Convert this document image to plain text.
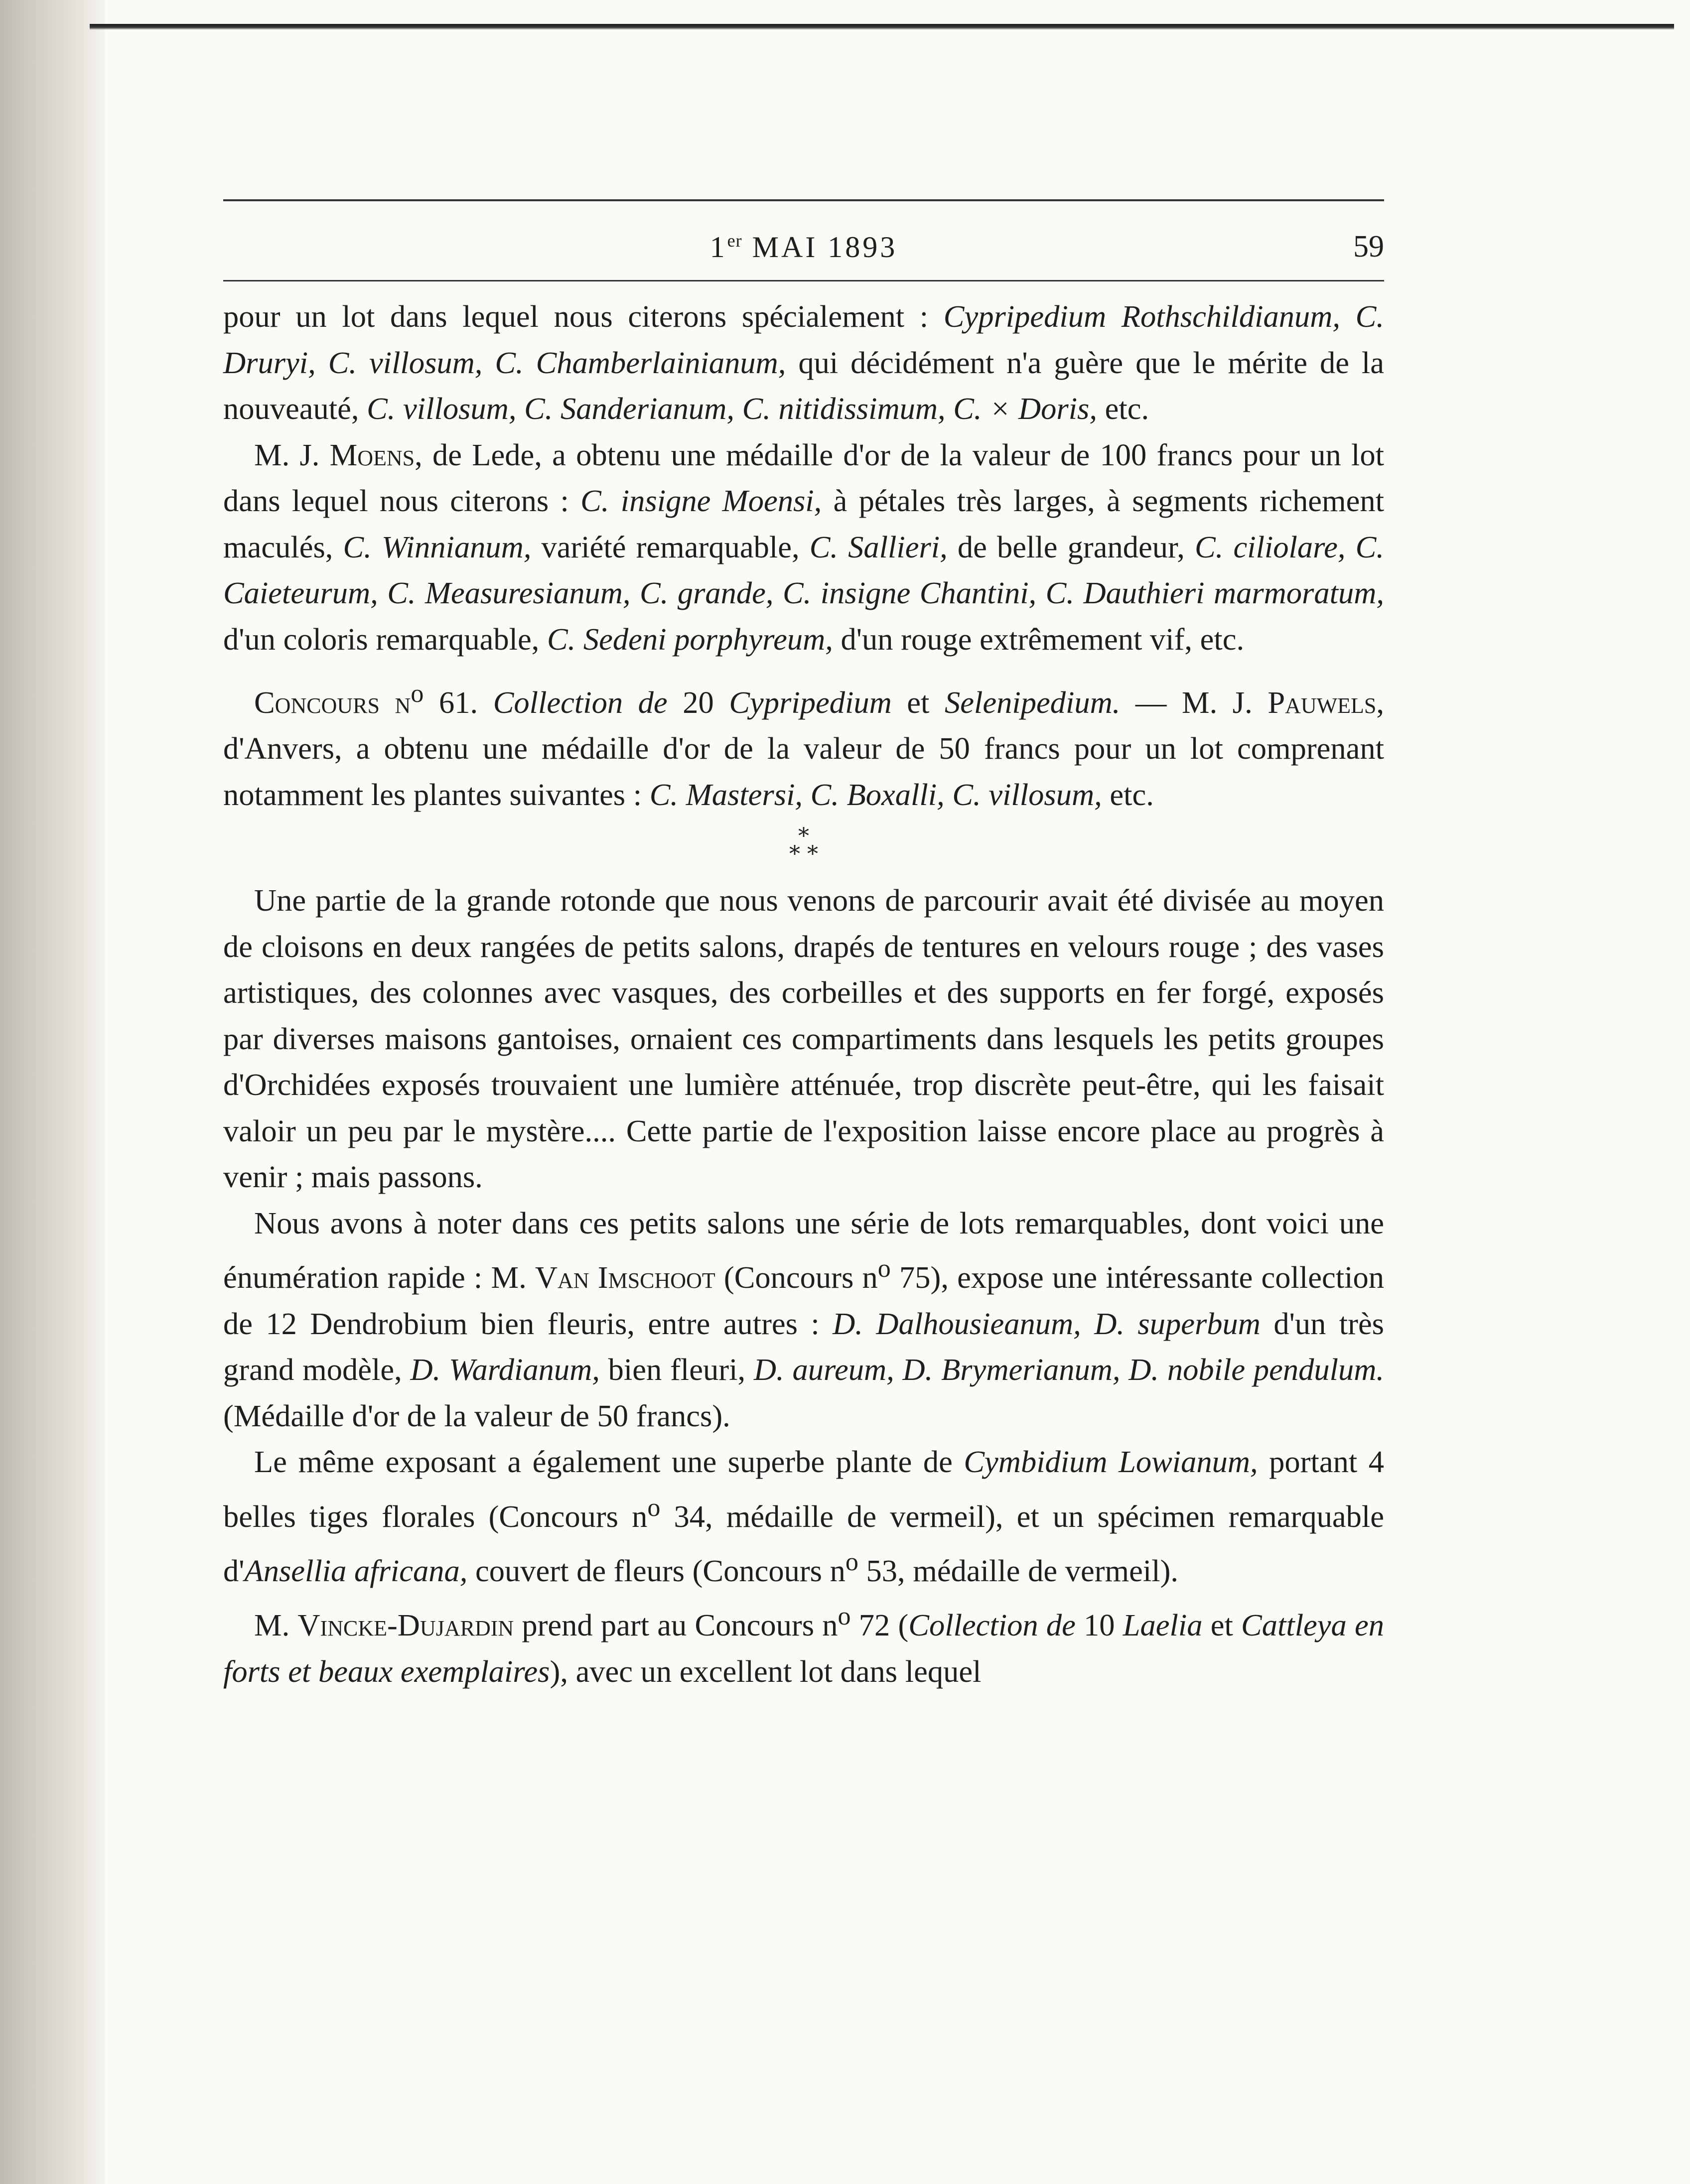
1er MAI 1893	59

pour un lot dans lequel nous citerons spécialement : Cypripedium Rothschildianum, C. Druryi, C. villosum, C. Chamberlainianum, qui décidément n'a guère que le mérite de la nouveauté, C. villosum, C. Sanderianum, C. nitidissimum, C. × Doris, etc.

M. J. Moens, de Lede, a obtenu une médaille d'or de la valeur de 100 francs pour un lot dans lequel nous citerons : C. insigne Moensi, à pétales très larges, à segments richement maculés, C. Winnianum, variété remarquable, C. Sallieri, de belle grandeur, C. ciliolare, C. Caieteurum, C. Measuresianum, C. grande, C. insigne Chantini, C. Dauthieri marmoratum, d'un coloris remarquable, C. Sedeni porphyreum, d'un rouge extrêmement vif, etc.

Concours $n^o$ 61. Collection de 20 Cypripedium et Selenipedium. — M. J. Pauwels, d'Anvers, a obtenu une médaille d'or de la valeur de 50 francs pour un lot comprenant notamment les plantes suivantes : C. Mastersi, C. Boxalli, C. villosum, etc.

*
* *

Une partie de la grande rotonde que nous venons de parcourir avait été divisée au moyen de cloisons en deux rangées de petits salons, drapés de tentures en velours rouge ; des vases artistiques, des colonnes avec vasques, des corbeilles et des supports en fer forgé, exposés par diverses maisons gantoises, ornaient ces compartiments dans lesquels les petits groupes d'Orchidées exposés trouvaient une lumière atténuée, trop discrète peut-être, qui les faisait valoir un peu par le mystère.... Cette partie de l'exposition laisse encore place au progrès à venir ; mais passons.

Nous avons à noter dans ces petits salons une série de lots remarquables, dont voici une énumération rapide : M. Van Imschoot (Concours $n^o$ 75), expose une intéressante collection de 12 Dendrobium bien fleuris, entre autres : D. Dalhousieanum, D. superbum d'un très grand modèle, D. Wardianum, bien fleuri, D. aureum, D. Brymerianum, D. nobile pendulum. (Médaille d'or de la valeur de 50 francs).

Le même exposant a également une superbe plante de Cymbidium Lowianum, portant 4 belles tiges florales (Concours $n^o$ 34, médaille de vermeil), et un spécimen remarquable d'Ansellia africana, couvert de fleurs (Concours $n^o$ 53, médaille de vermeil).

M. Vincke-Dujardin prend part au Concours $n^o$ 72 (Collection de 10 Laelia et Cattleya en forts et beaux exemplaires), avec un excellent lot dans lequel
